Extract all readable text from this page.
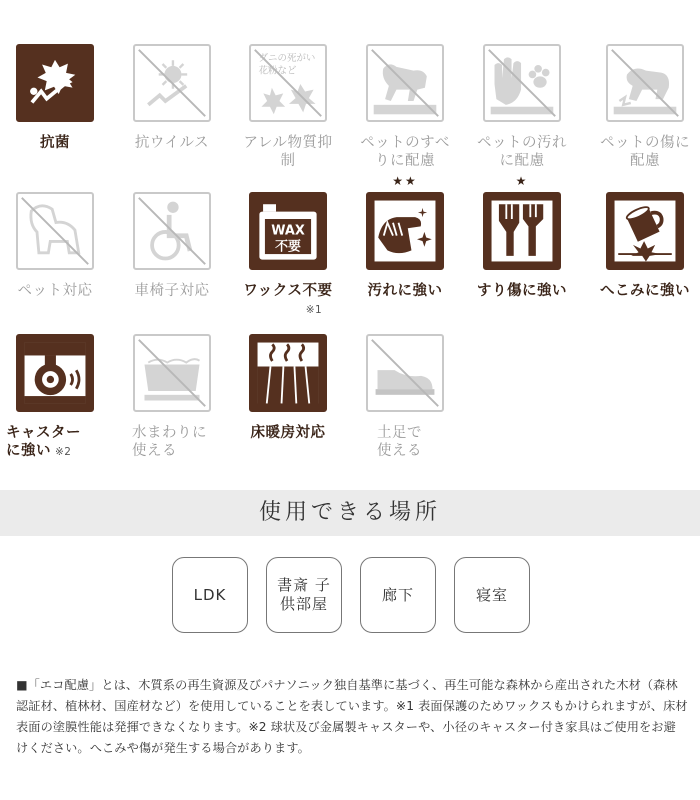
抗菌	抗ウイルス
ダニの死がい
花粉など
アレル物質抑制
ペットのすべりに配慮
ペットの汚れに配慮
ペットの傷に配慮
ペット対応	車椅子対応
WAX
不要
ワックス不要
※1
★★
汚れに強い
★
すり傷に強い	へこみに強い
キャスターに強い ※2
水まわりに使える
床暖房対応	土足で使える
使用できる場所
LDK
書斎 子供部屋
廊下	寝室
■「エコ配慮」とは、木質系の再生資源及びパナソニック独自基準に基づく、再生可能な森林から産出された木材（森林認証材、植林材、国産材など）を使用していることを表しています。※1 表面保護のためワックスもかけられますが、床材表面の塗膜性能は発揮できなくなります。※2 球状及び金属製キャスターや、小径のキャスター付き家具はご使用をお避けください。へこみや傷が発生する場合があります。
